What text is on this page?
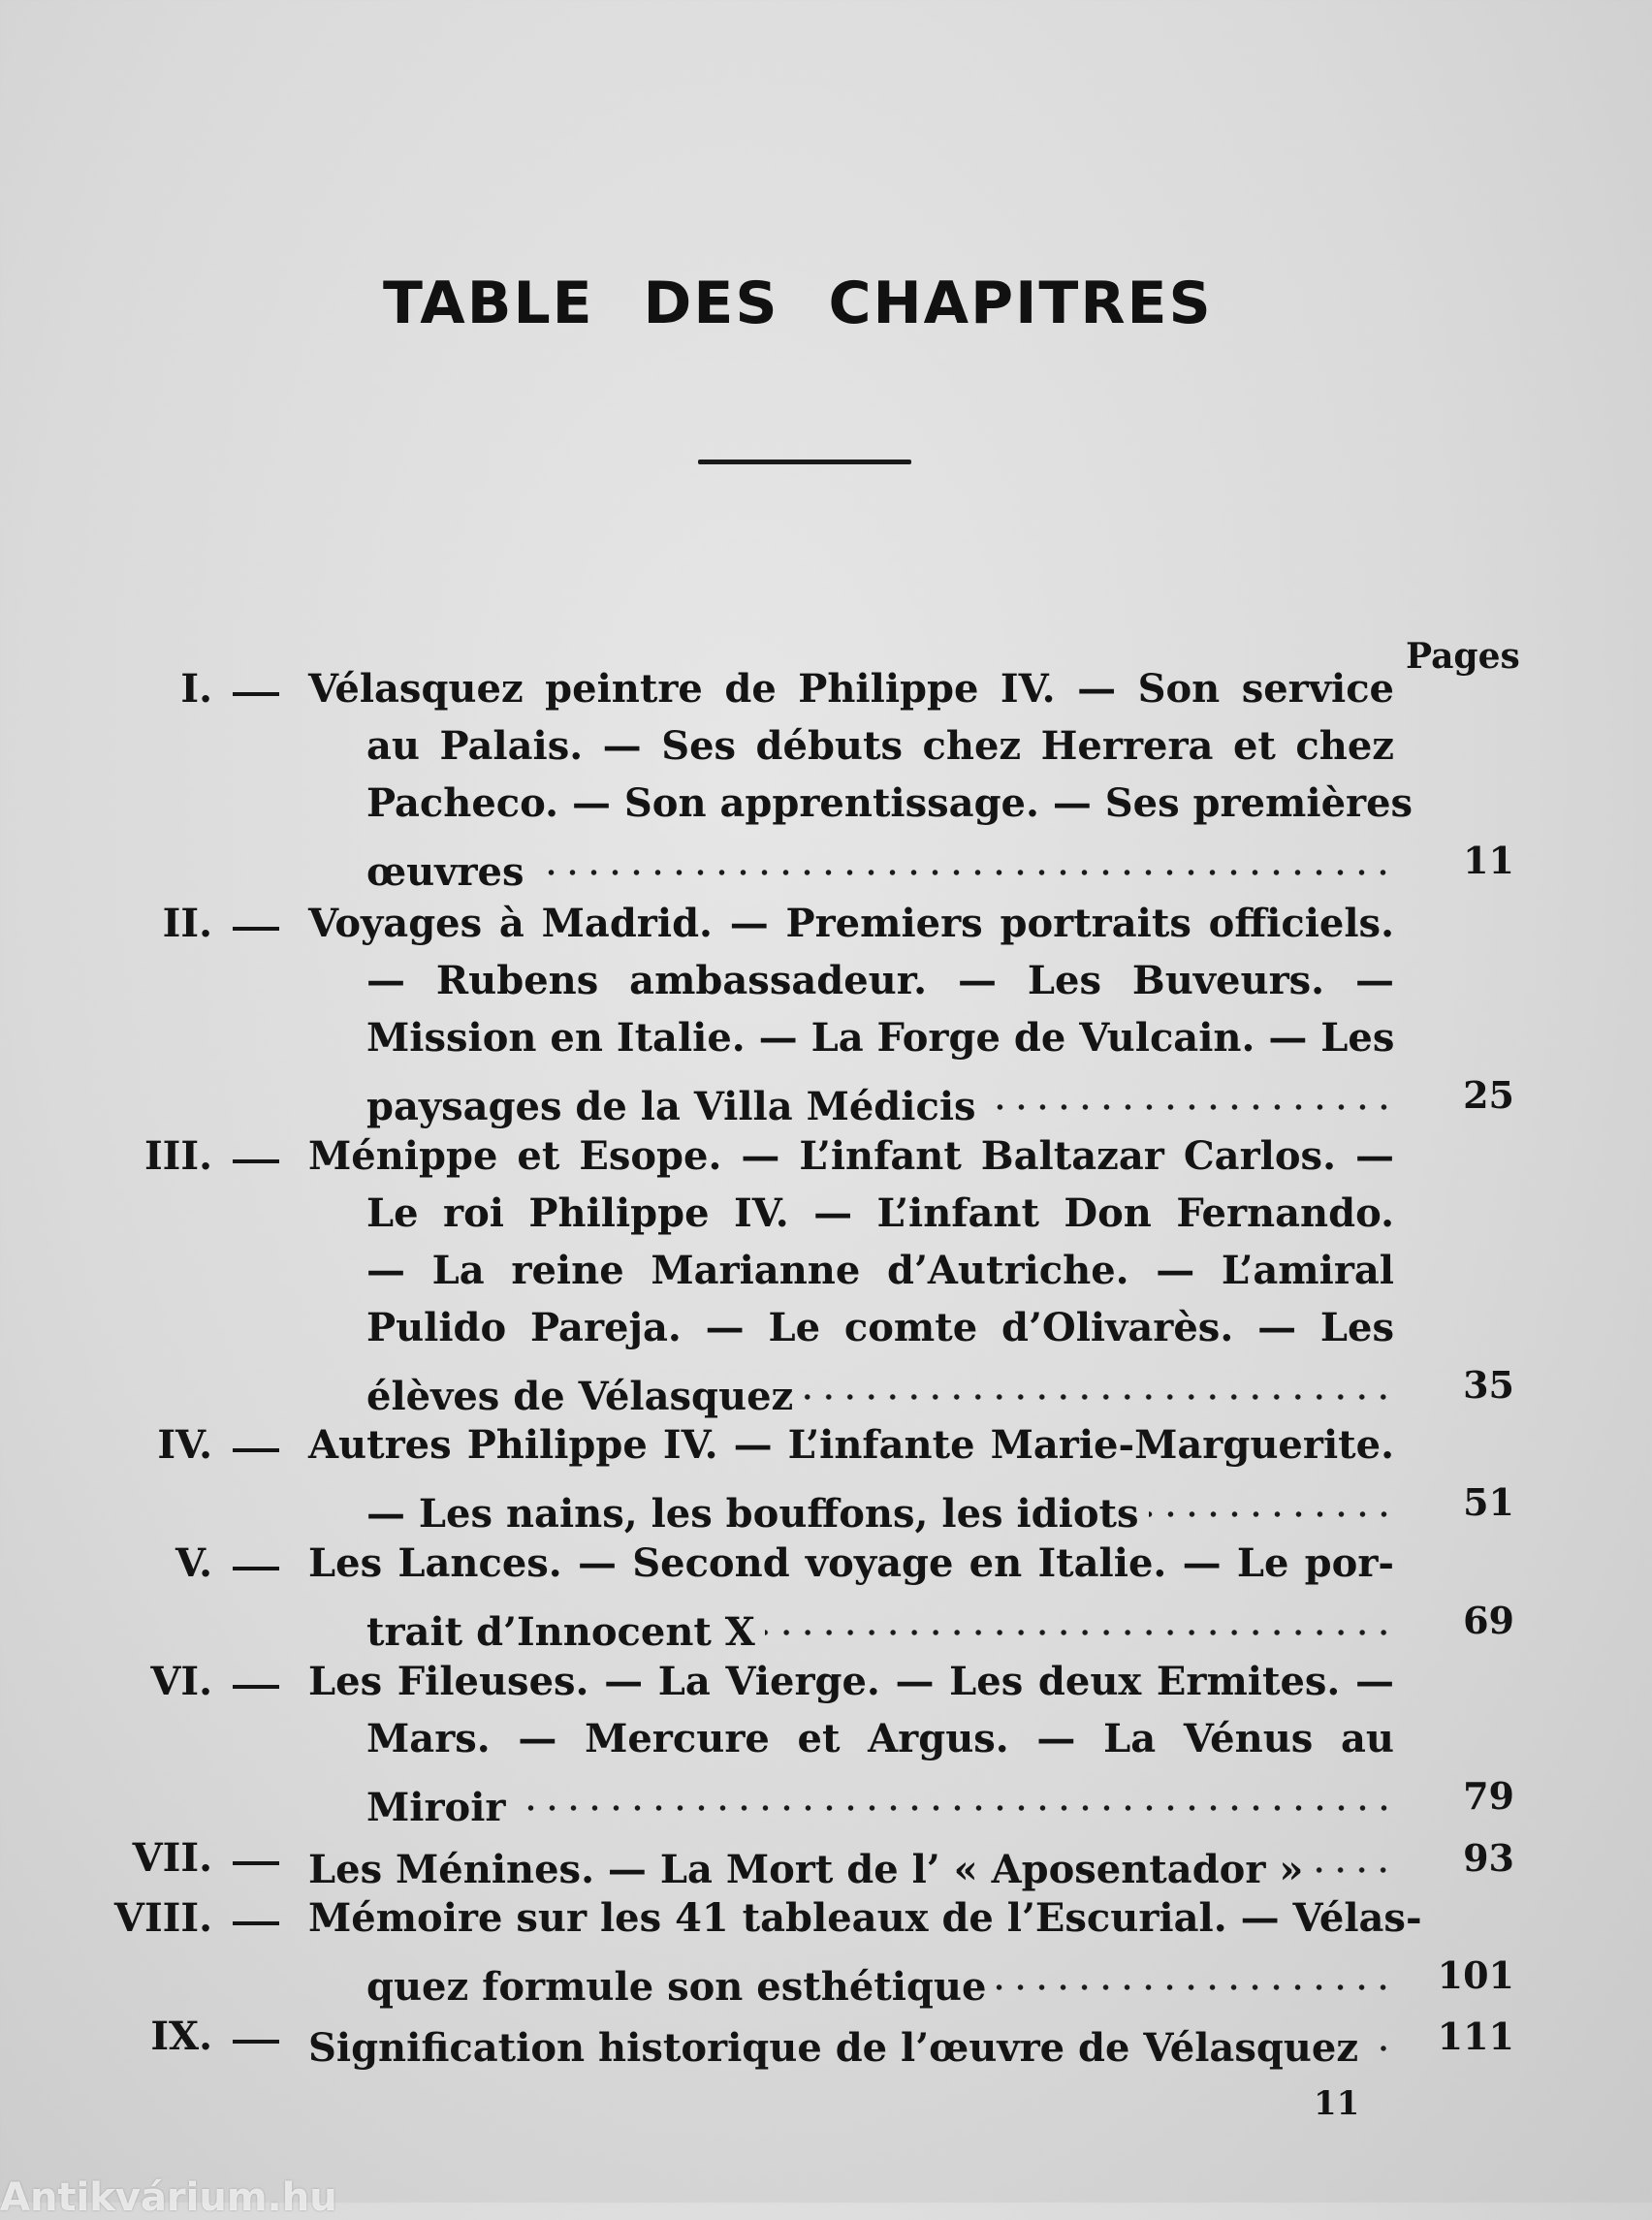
TABLE DES CHAPITRES
Pages
I. Vélasquez peintre de Philippe IV. — Son service
au Palais. — Ses débuts chez Herrera et chez
Pacheco. — Son apprentissage. — Ses premières
œuvres	11
II. Voyages à Madrid. — Premiers portraits officiels.
— Rubens ambassadeur. — Les Buveurs. —
Mission en Italie. — La Forge de Vulcain. — Les
paysages de la Villa Médicis	25
III. Ménippe et Esope. — L’infant Baltazar Carlos. —
Le roi Philippe IV. — L’infant Don Fernando.
— La reine Marianne d’Autriche. — L’amiral
Pulido Pareja. — Le comte d’Olivarès. — Les
élèves de Vélasquez	35
IV. Autres Philippe IV. — L’infante Marie-Marguerite.
— Les nains, les bouffons, les idiots	51
V. Les Lances. — Second voyage en Italie. — Le por-
trait d’Innocent X	69
VI. Les Fileuses. — La Vierge. — Les deux Ermites. —
Mars. — Mercure et Argus. — La Vénus au
Miroir	79
VII. Les Ménines. — La Mort de l’ « Aposentador »	93
VIII. Mémoire sur les 41 tableaux de l’Escurial. — Vélas-
quez formule son esthétique	101
IX. Signification historique de l’œuvre de Vélasquez 111
11
Antikvárium.hu
